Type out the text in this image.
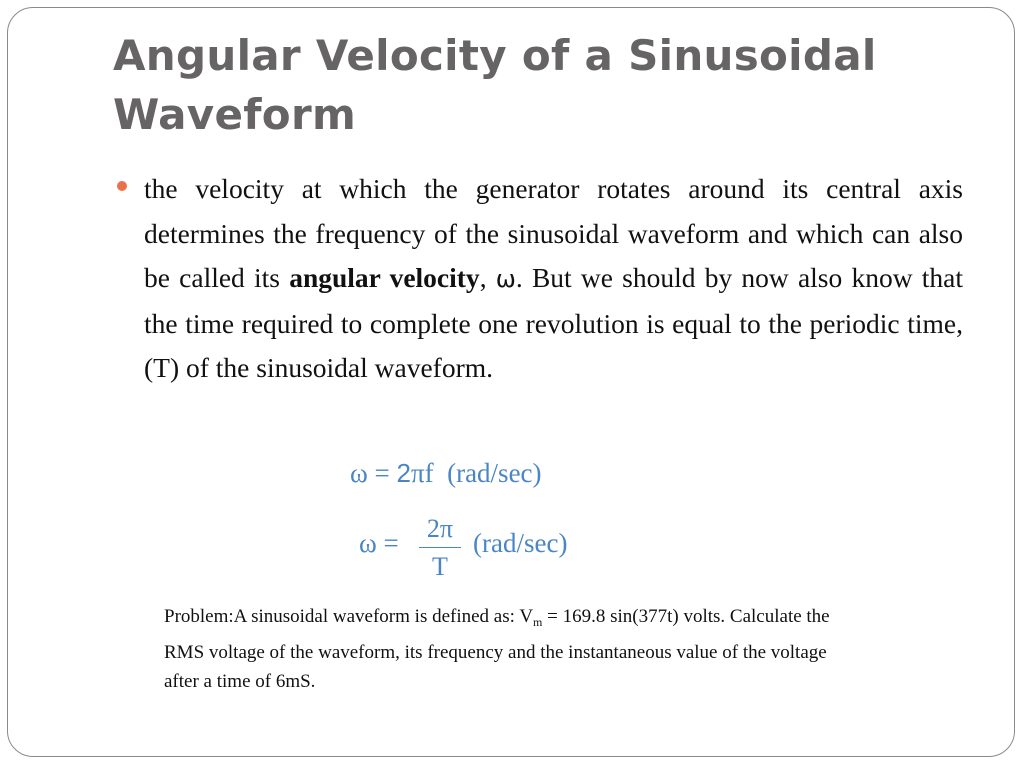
Angular Velocity of a Sinusoidal Waveform

the velocity at which the generator rotates around its central axis determines the frequency of the sinusoidal waveform and which can also be called its angular velocity, ω. But we should by now also know that the time required to complete one revolution is equal to the periodic time, (T) of the sinusoidal waveform.

ω = 2πf (rad/sec)
ω = 2π
T
(rad/sec)

Problem:A sinusoidal waveform is defined as: $V_m = 169.8$ sin(377t) volts. Calculate the RMS voltage of the waveform, its frequency and the instantaneous value of the voltage after a time of 6mS.
